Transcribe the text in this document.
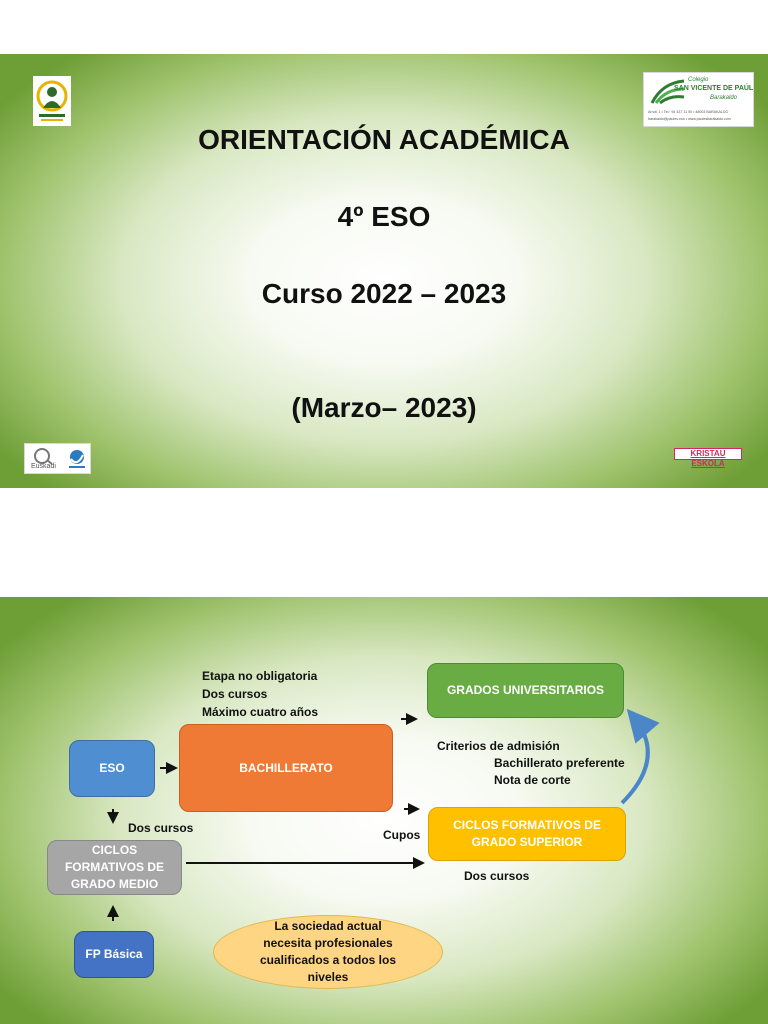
Colegio
SAN VICENTE DE PAÚL
Barakaldo
Arruti, 1 • Tel.: 94 437 11 00 • 48003 BARAKALDO
barakaldo@paules.eus • www.paulesbarakaldo.com
ORIENTACIÓN ACADÉMICA
4º ESO
Curso 2022 – 2023
(Marzo– 2023)
Euskadi
KRISTAU ESKOLA
Etapa no obligatoria
Dos cursos
Máximo cuatro años
ESO	BACHILLERATO
GRADOS UNIVERSITARIOS
Criterios de admisión
Bachillerato preferente
Nota de corte
Cupos
CICLOS FORMATIVOS DE GRADO SUPERIOR
Dos cursos
CICLOS FORMATIVOS DE GRADO MEDIO
Dos cursos
FP Básica
La sociedad actual necesita profesionales cualificados a todos los niveles
